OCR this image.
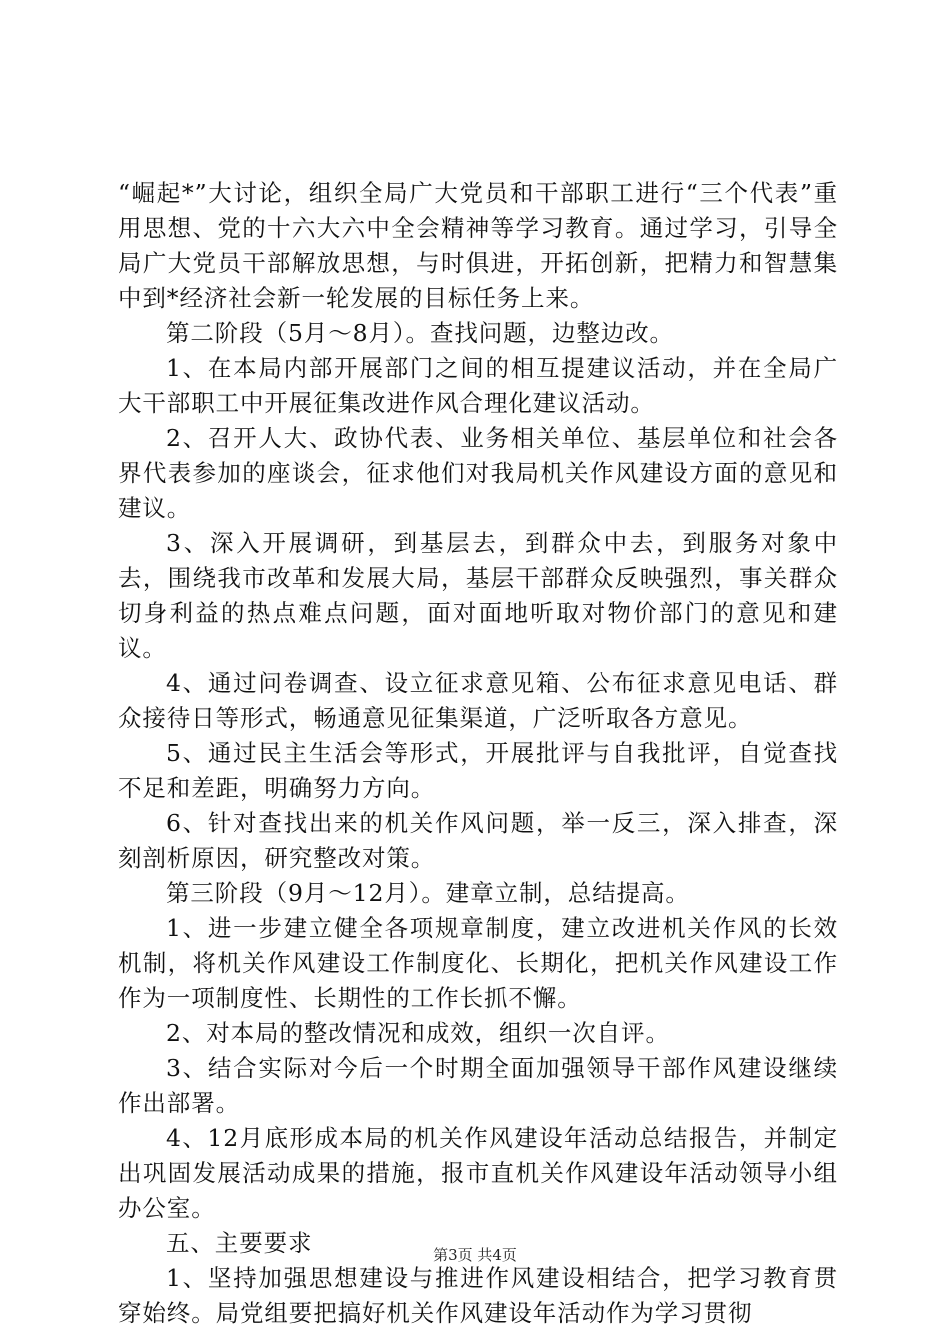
“崛起*”大讨论，组织全局广大党员和干部职工进行“三个代表”重用思想、党的十六大六中全会精神等学习教育。通过学习，引导全局广大党员干部解放思想，与时俱进，开拓创新，把精力和智慧集中到*经济社会新一轮发展的目标任务上来。

第二阶段（5月～8月）。查找问题，边整边改。

1、在本局内部开展部门之间的相互提建议活动，并在全局广大干部职工中开展征集改进作风合理化建议活动。

2、召开人大、政协代表、业务相关单位、基层单位和社会各界代表参加的座谈会，征求他们对我局机关作风建设方面的意见和建议。

3、深入开展调研，到基层去，到群众中去，到服务对象中去，围绕我市改革和发展大局，基层干部群众反映强烈，事关群众切身利益的热点难点问题，面对面地听取对物价部门的意见和建议。

4、通过问卷调查、设立征求意见箱、公布征求意见电话、群众接待日等形式，畅通意见征集渠道，广泛听取各方意见。

5、通过民主生活会等形式，开展批评与自我批评，自觉查找不足和差距，明确努力方向。

6、针对查找出来的机关作风问题，举一反三，深入排查，深刻剖析原因，研究整改对策。

第三阶段（9月～12月）。建章立制，总结提高。

1、进一步建立健全各项规章制度，建立改进机关作风的长效机制，将机关作风建设工作制度化、长期化，把机关作风建设工作作为一项制度性、长期性的工作长抓不懈。

2、对本局的整改情况和成效，组织一次自评。

3、结合实际对今后一个时期全面加强领导干部作风建设继续作出部署。

4、12月底形成本局的机关作风建设年活动总结报告，并制定出巩固发展活动成果的措施，报市直机关作风建设年活动领导小组办公室。

五、主要要求

1、坚持加强思想建设与推进作风建设相结合，把学习教育贯穿始终。局党组要把搞好机关作风建设年活动作为学习贯彻

第3页 共4页
